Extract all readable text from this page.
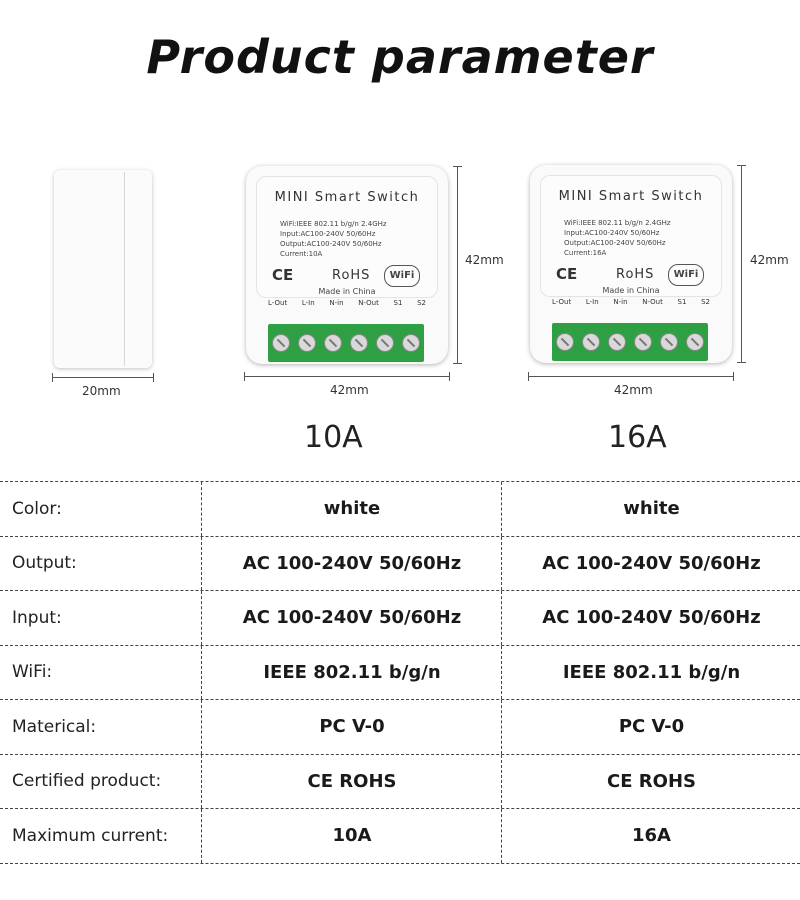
Product parameter
20mm
MINI Smart Switch
WiFi:IEEE 802.11 b/g/n 2.4GHz
Input:AC100-240V 50/60Hz
Output:AC100-240V 50/60Hz
Current:10A
CE	RoHS	WiFi
Made in China
L-Out L-In N-in N-Out S1 S2
42mm
42mm
10A
MINI Smart Switch
WiFi:IEEE 802.11 b/g/n 2.4GHz
Input:AC100-240V 50/60Hz
Output:AC100-240V 50/60Hz
Current:16A
CE	RoHS	WiFi
Made in China
L-Out L-In N-in N-Out S1 S2
42mm
42mm
16A
Color:	white	white
Output:	AC 100-240V 50/60Hz	AC 100-240V 50/60Hz
Input:	AC 100-240V 50/60Hz	AC 100-240V 50/60Hz
WiFi:	IEEE 802.11 b/g/n	IEEE 802.11 b/g/n
Materical:	PC V-0	PC V-0
Certified product:	CE ROHS	CE ROHS
Maximum current:	10A	16A
